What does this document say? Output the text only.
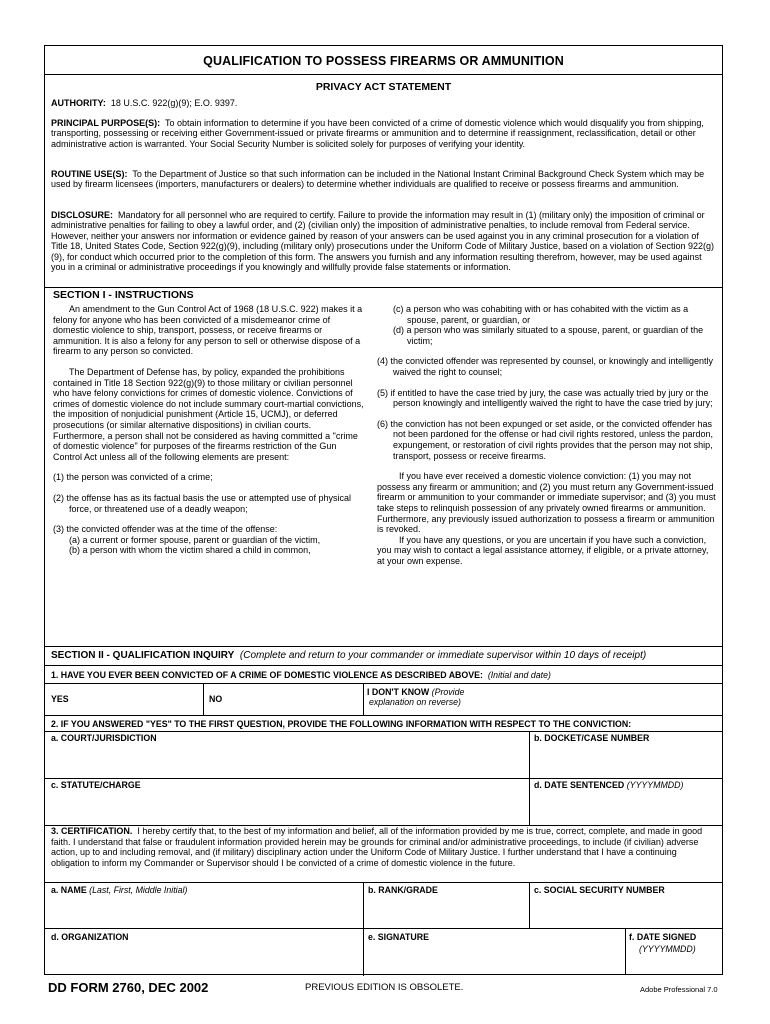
QUALIFICATION TO POSSESS FIREARMS OR AMMUNITION
PRIVACY ACT STATEMENT
AUTHORITY: 18 U.S.C. 922(g)(9); E.O. 9397.
PRINCIPAL PURPOSE(S): To obtain information to determine if you have been convicted of a crime of domestic violence which would disqualify you from shipping, transporting, possessing or receiving either Government-issued or private firearms or ammunition and to determine if reassignment, reclassification, detail or other administrative action is warranted. Your Social Security Number is solicited solely for purposes of verifying your identity.
ROUTINE USE(S): To the Department of Justice so that such information can be included in the National Instant Criminal Background Check System which may be used by firearm licensees (importers, manufacturers or dealers) to determine whether individuals are qualified to receive or possess firearms and ammunition.
DISCLOSURE: Mandatory for all personnel who are required to certify. Failure to provide the information may result in (1) (military only) the imposition of criminal or administrative penalties for failing to obey a lawful order, and (2) (civilian only) the imposition of administrative penalties, to include removal from Federal service. However, neither your answers nor information or evidence gained by reason of your answers can be used against you in any criminal prosecution for a violation of Title 18, United States Code, Section 922(g)(9), including (military only) prosecutions under the Uniform Code of Military Justice, based on a violation of Section 922(g)(9), for conduct which occurred prior to the completion of this form. The answers you furnish and any information resulting therefrom, however, may be used against you in a criminal or administrative proceedings if you knowingly and willfully provide false statements or information.
SECTION I - INSTRUCTIONS

An amendment to the Gun Control Act of 1968 (18 U.S.C. 922) makes it a felony for anyone who has been convicted of a misdemeanor crime of domestic violence to ship, transport, possess, or receive firearms or ammunition. It is also a felony for any person to sell or otherwise dispose of a firearm to any person so convicted.

The Department of Defense has, by policy, expanded the prohibitions contained in Title 18 Section 922(g)(9) to those military or civilian personnel who have felony convictions for crimes of domestic violence. Convictions of crimes of domestic violence do not include summary court-martial convictions, the imposition of nonjudicial punishment (Article 15, UCMJ), or deferred prosecutions (or similar alternative dispositions) in civilian courts. Furthermore, a person shall not be considered as having committed a "crime of domestic violence" for purposes of the firearms restriction of the Gun Control Act unless all of the following elements are present:

(1) the person was convicted of a crime;

(2) the offense has as its factual basis the use or attempted use of physical force, or threatened use of a deadly weapon;

(3) the convicted offender was at the time of the offense:

(a) a current or former spouse, parent or guardian of the victim,

(b) a person with whom the victim shared a child in common,

(c) a person who was cohabiting with or has cohabited with the victim as a spouse, parent, or guardian, or

(d) a person who was similarly situated to a spouse, parent, or guardian of the victim;

(4) the convicted offender was represented by counsel, or knowingly and intelligently waived the right to counsel;

(5) if entitled to have the case tried by jury, the case was actually tried by jury or the person knowingly and intelligently waived the right to have the case tried by jury;

(6) the conviction has not been expunged or set aside, or the convicted offender has not been pardoned for the offense or had civil rights restored, unless the pardon, expungement, or restoration of civil rights provides that the person may not ship, transport, possess or receive firearms.

If you have ever received a domestic violence conviction: (1) you may not possess any firearm or ammunition; and (2) you must return any Government-issued firearm or ammunition to your commander or immediate supervisor; and (3) you must take steps to relinquish possession of any privately owned firearms or ammunition. Furthermore, any previously issued authorization to possess a firearm or ammunition is revoked.

If you have any questions, or you are uncertain if you have such a conviction, you may wish to contact a legal assistance attorney, if eligible, or a private attorney, at your own expense.

SECTION II - QUALIFICATION INQUIRY (Complete and return to your commander or immediate supervisor within 10 days of receipt)
1. HAVE YOU EVER BEEN CONVICTED OF A CRIME OF DOMESTIC VIOLENCE AS DESCRIBED ABOVE: (Initial and date)
YES	NO
I DON'T KNOW (Provide
explanation on reverse)
2. IF YOU ANSWERED "YES" TO THE FIRST QUESTION, PROVIDE THE FOLLOWING INFORMATION WITH RESPECT TO THE CONVICTION:
a. COURT/JURISDICTION	b. DOCKET/CASE NUMBER
c. STATUTE/CHARGE	d. DATE SENTENCED (YYYYMMDD)
3. CERTIFICATION. I hereby certify that, to the best of my information and belief, all of the information provided by me is true, correct, complete, and made in good faith. I understand that false or fraudulent information provided herein may be grounds for criminal and/or administrative proceedings, to include (if civilian) adverse action, up to and including removal, and (if military) disciplinary action under the Uniform Code of Military Justice. I further understand that I have a continuing obligation to inform my Commander or Supervisor should I be convicted of a crime of domestic violence in the future.
a. NAME (Last, First, Middle Initial)	b. RANK/GRADE	c. SOCIAL SECURITY NUMBER
d. ORGANIZATION	e. SIGNATURE	f. DATE SIGNED
(YYYYMMDD)
DD FORM 2760, DEC 2002	PREVIOUS EDITION IS OBSOLETE.	Adobe Professional 7.0
